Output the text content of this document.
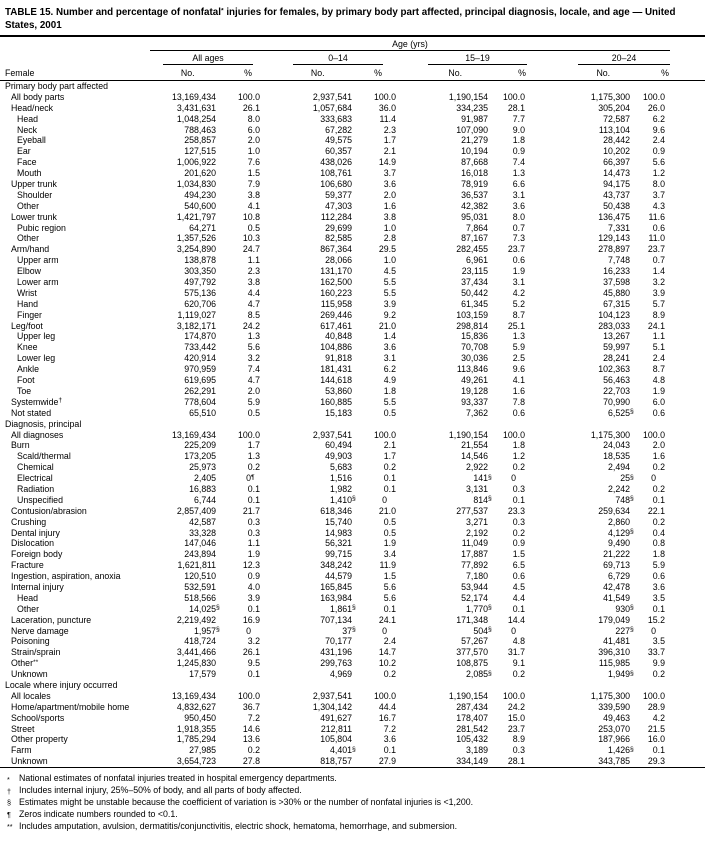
TABLE 15. Number and percentage of nonfatal* injuries for females, by primary body part affected, principal diagnosis, locale, and age — United States, 2001
Age (yrs)
All ages	0–14	15–19	20–24
Female	No.	%	No.	%	No.	%	No.	%
Primary body part affected
All body parts	13,169,434	100.0	2,937,541	100.0	1,190,154	100.0	1,175,300	100.0
Head/neck	3,431,631	26.1	1,057,684	36.0	334,235	28.1	305,204	26.0
Head	1,048,254	8.0	333,683	11.4	91,987	7.7	72,587	6.2
Neck	788,463	6.0	67,282	2.3	107,090	9.0	113,104	9.6
Eyeball	258,857	2.0	49,575	1.7	21,279	1.8	28,442	2.4
Ear	127,515	1.0	60,357	2.1	10,194	0.9	10,202	0.9
Face	1,006,922	7.6	438,026	14.9	87,668	7.4	66,397	5.6
Mouth	201,620	1.5	108,761	3.7	16,018	1.3	14,473	1.2
Upper trunk	1,034,830	7.9	106,680	3.6	78,919	6.6	94,175	8.0
Shoulder	494,230	3.8	59,377	2.0	36,537	3.1	43,737	3.7
Other	540,600	4.1	47,303	1.6	42,382	3.6	50,438	4.3
Lower trunk	1,421,797	10.8	112,284	3.8	95,031	8.0	136,475	11.6
Pubic region	64,271	0.5	29,699	1.0	7,864	0.7	7,331	0.6
Other	1,357,526	10.3	82,585	2.8	87,167	7.3	129,143	11.0
Arm/hand	3,254,890	24.7	867,364	29.5	282,455	23.7	278,897	23.7
Upper arm	138,878	1.1	28,066	1.0	6,961	0.6	7,748	0.7
Elbow	303,350	2.3	131,170	4.5	23,115	1.9	16,233	1.4
Lower arm	497,792	3.8	162,500	5.5	37,434	3.1	37,598	3.2
Wrist	575,136	4.4	160,223	5.5	50,442	4.2	45,880	3.9
Hand	620,706	4.7	115,958	3.9	61,345	5.2	67,315	5.7
Finger	1,119,027	8.5	269,446	9.2	103,159	8.7	104,123	8.9
Leg/foot	3,182,171	24.2	617,461	21.0	298,814	25.1	283,033	24.1
Upper leg	174,870	1.3	40,848	1.4	15,836	1.3	13,267	1.1
Knee	733,442	5.6	104,886	3.6	70,708	5.9	59,997	5.1
Lower leg	420,914	3.2	91,818	3.1	30,036	2.5	28,241	2.4
Ankle	970,959	7.4	181,431	6.2	113,846	9.6	102,363	8.7
Foot	619,695	4.7	144,618	4.9	49,261	4.1	56,463	4.8
Toe	262,291	2.0	53,860	1.8	19,128	1.6	22,703	1.9
Systemwide†	778,604	5.9	160,885	5.5	93,337	7.8	70,990	6.0
Not stated	65,510	0.5	15,183	0.5	7,362	0.6	6,525§	0.6
Diagnosis, principal
All diagnoses	13,169,434	100.0	2,937,541	100.0	1,190,154	100.0	1,175,300	100.0
Burn	225,209	1.7	60,494	2.1	21,554	1.8	24,043	2.0
Scald/thermal	173,205	1.3	49,903	1.7	14,546	1.2	18,535	1.6
Chemical	25,973	0.2	5,683	0.2	2,922	0.2	2,494	0.2
Electrical	2,405	0¶	1,516	0.1	141§	0	25§	0
Radiation	16,883	0.1	1,982	0.1	3,131	0.3	2,242	0.2
Unspecified	6,744	0.1	1,410§	0	814§	0.1	748§	0.1
Contusion/abrasion	2,857,409	21.7	618,346	21.0	277,537	23.3	259,634	22.1
Crushing	42,587	0.3	15,740	0.5	3,271	0.3	2,860	0.2
Dental injury	33,328	0.3	14,983	0.5	2,192	0.2	4,129§	0.4
Dislocation	147,046	1.1	56,321	1.9	11,049	0.9	9,490	0.8
Foreign body	243,894	1.9	99,715	3.4	17,887	1.5	21,222	1.8
Fracture	1,621,811	12.3	348,242	11.9	77,892	6.5	69,713	5.9
Ingestion, aspiration, anoxia	120,510	0.9	44,579	1.5	7,180	0.6	6,729	0.6
Internal injury	532,591	4.0	165,845	5.6	53,944	4.5	42,478	3.6
Head	518,566	3.9	163,984	5.6	52,174	4.4	41,549	3.5
Other	14,025§	0.1	1,861§	0.1	1,770§	0.1	930§	0.1
Laceration, puncture	2,219,492	16.9	707,134	24.1	171,348	14.4	179,049	15.2
Nerve damage	1,957§	0	37§	0	504§	0	227§	0
Poisoning	418,724	3.2	70,177	2.4	57,267	4.8	41,481	3.5
Strain/sprain	3,441,466	26.1	431,196	14.7	377,570	31.7	396,310	33.7
Other**	1,245,830	9.5	299,763	10.2	108,875	9.1	115,985	9.9
Unknown	17,579	0.1	4,969	0.2	2,085§	0.2	1,949§	0.2
Locale where injury occurred
All locales	13,169,434	100.0	2,937,541	100.0	1,190,154	100.0	1,175,300	100.0
Home/apartment/mobile home	4,832,627	36.7	1,304,142	44.4	287,434	24.2	339,590	28.9
School/sports	950,450	7.2	491,627	16.7	178,407	15.0	49,463	4.2
Street	1,918,355	14.6	212,811	7.2	281,542	23.7	253,070	21.5
Other property	1,785,294	13.6	105,804	3.6	105,432	8.9	187,966	16.0
Farm	27,985	0.2	4,401§	0.1	3,189	0.3	1,426§	0.1
Unknown	3,654,723	27.8	818,757	27.9	334,149	28.1	343,785	29.3
*	National estimates of nonfatal injuries treated in hospital emergency departments.
† Includes internal injury, 25%–50% of body, and all parts of body affected.
§ Estimates might be unstable because the coefficient of variation is >30% or the number of nonfatal injuries is <1,200.
¶ Zeros indicate numbers rounded to <0.1.
** Includes amputation, avulsion, dermatitis/conjunctivitis, electric shock, hematoma, hemorrhage, and submersion.
